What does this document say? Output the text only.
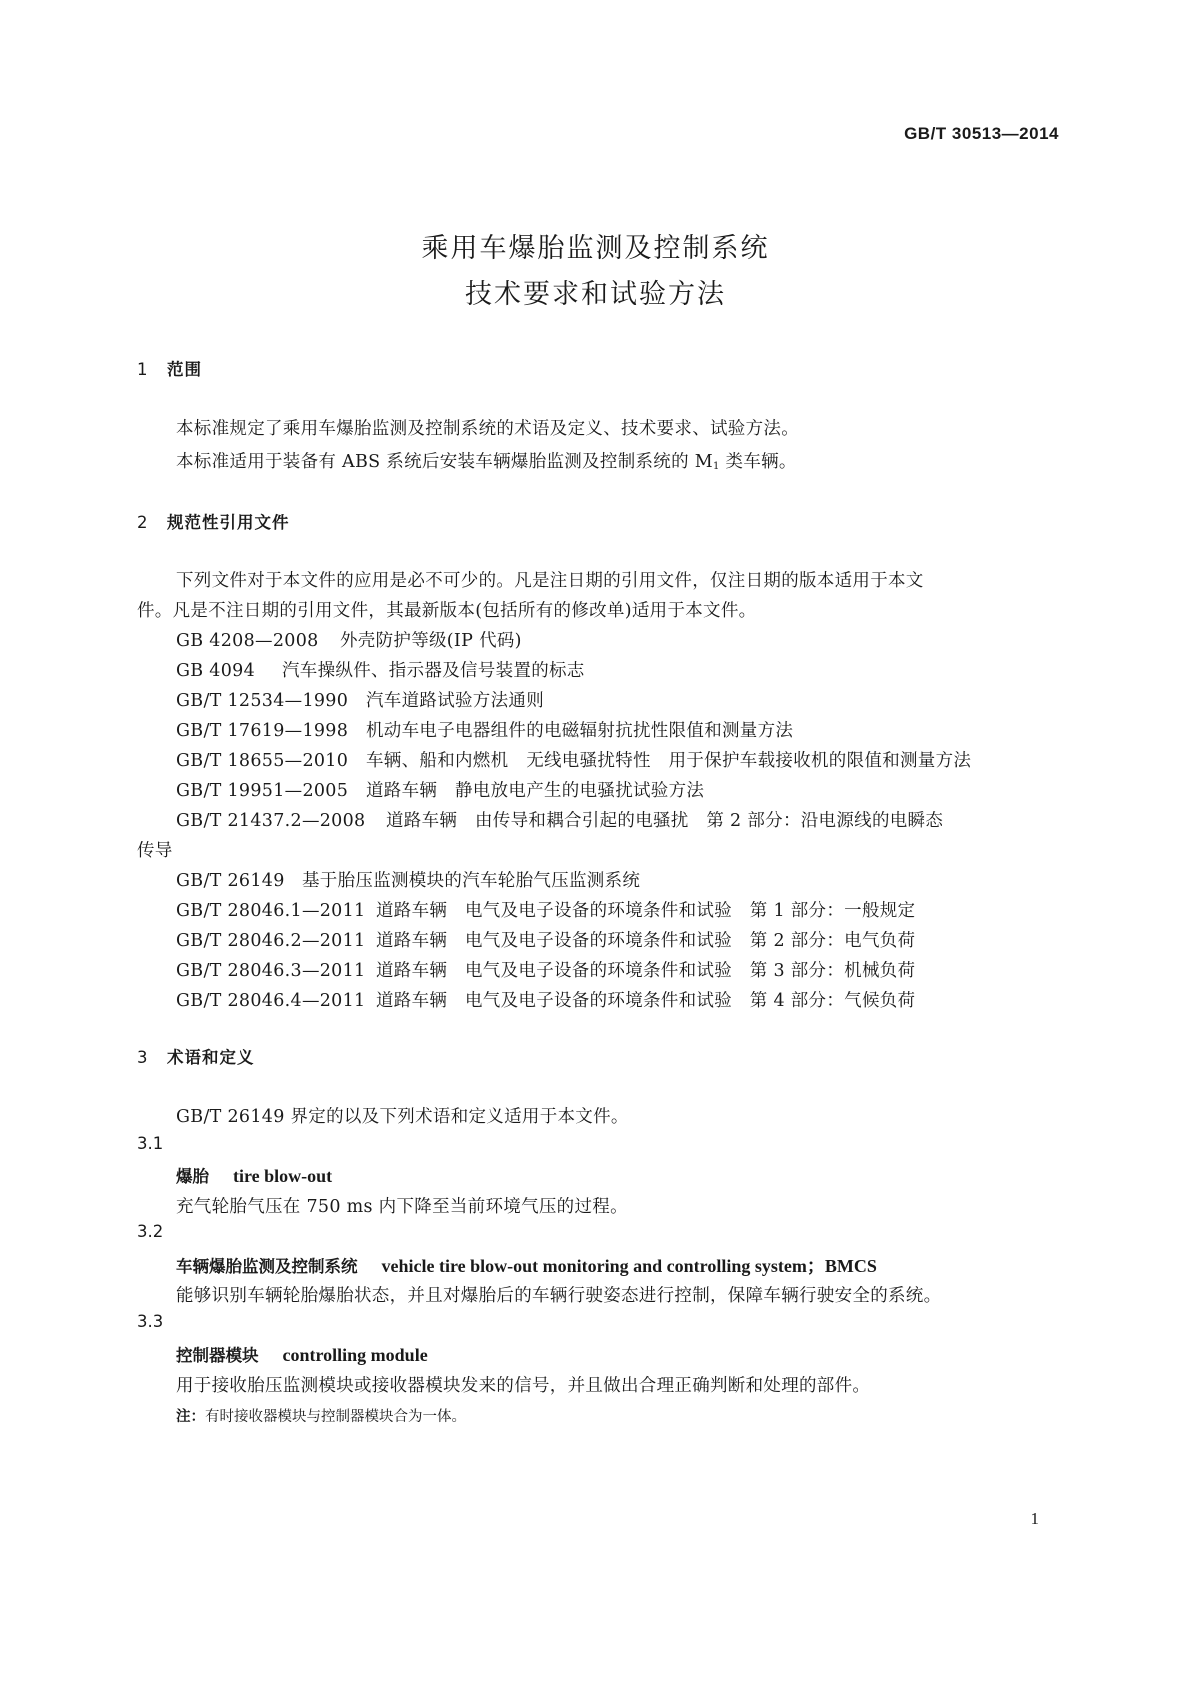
GB/T 30513—2014
乘用车爆胎监测及控制系统
技术要求和试验方法
1 范围
本标准规定了乘用车爆胎监测及控制系统的术语及定义、技术要求、试验方法。
本标准适用于装备有 ABS 系统后安装车辆爆胎监测及控制系统的 $M_1$ 类车辆。
2 规范性引用文件
下列文件对于本文件的应用是必不可少的。凡是注日期的引用文件，仅注日期的版本适用于本文
件。凡是不注日期的引用文件，其最新版本(包括所有的修改单)适用于本文件。
GB 4208—2008 外壳防护等级(IP 代码)
GB 4094 汽车操纵件、指示器及信号装置的标志
GB/T 12534—1990 汽车道路试验方法通则
GB/T 17619—1998 机动车电子电器组件的电磁辐射抗扰性限值和测量方法
GB/T 18655—2010 车辆、船和内燃机　无线电骚扰特性　用于保护车载接收机的限值和测量方法
GB/T 19951—2005 道路车辆　静电放电产生的电骚扰试验方法
GB/T 21437.2—2008 道路车辆　由传导和耦合引起的电骚扰　第 2 部分：沿电源线的电瞬态
传导
GB/T 26149 基于胎压监测模块的汽车轮胎气压监测系统
GB/T 28046.1—2011 道路车辆　电气及电子设备的环境条件和试验　第 1 部分：一般规定
GB/T 28046.2—2011 道路车辆　电气及电子设备的环境条件和试验　第 2 部分：电气负荷
GB/T 28046.3—2011 道路车辆　电气及电子设备的环境条件和试验　第 3 部分：机械负荷
GB/T 28046.4—2011 道路车辆　电气及电子设备的环境条件和试验　第 4 部分：气候负荷
3 术语和定义
GB/T 26149 界定的以及下列术语和定义适用于本文件。
3.1
爆胎 tire blow-out
充气轮胎气压在 750 ms 内下降至当前环境气压的过程。
3.2
车辆爆胎监测及控制系统 vehicle tire blow-out monitoring and controlling system；BMCS
能够识别车辆轮胎爆胎状态，并且对爆胎后的车辆行驶姿态进行控制，保障车辆行驶安全的系统。
3.3
控制器模块 controlling module
用于接收胎压监测模块或接收器模块发来的信号，并且做出合理正确判断和处理的部件。
注：有时接收器模块与控制器模块合为一体。
1
